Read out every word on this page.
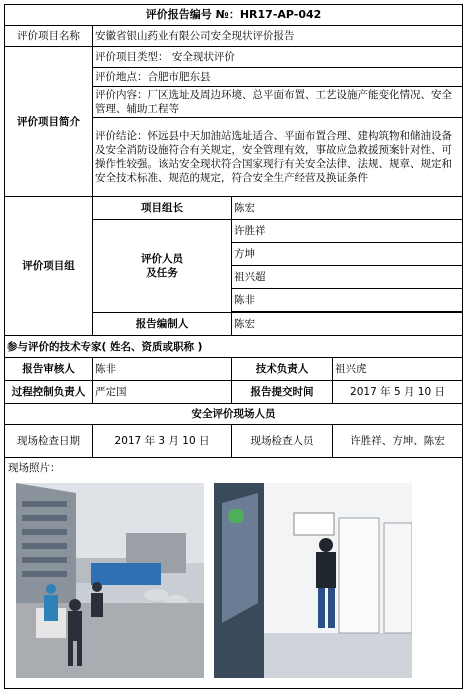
评价报告编号 №：HR17-AP-042			
评价项目名称	安徽省银山药业有限公司安全现状评价报告		
评价项目简介	评价项目类型： 安全现状评价		
	评价地点：合肥市肥东县		
	评价内容：厂区选址及周边环境、总平面布置、工艺设施产能变化情况、安全管理、辅助工程等		
	评价结论：怀远县中天加油站选址适合、平面布置合理、建构筑物和储油设备及安全消防设施符合有关规定，安全管理有效，事故应急救援预案针对性、可操作性较强。该站安全现状符合国家现行有关安全法律、法规、规章、规定和安全技术标准、规范的规定，符合安全生产经营及换证条件		
评价项目组	项目组长	陈宏	
	评价人员
及任务	许胜祥	
		方坤	
		祖兴超	
		陈非	

	报告编制人	陈宏	
参与评价的技术专家( 姓名、资质或职称 )			
报告审核人	陈非	技术负责人	祖兴虎
过程控制负责人	严定国	报告提交时间	2017 年 5 月 10 日
安全评价现场人员			
现场检查日期	2017 年 3 月 10 日	现场检查人员	许胜祥、方坤、陈宏

现场照片：			
